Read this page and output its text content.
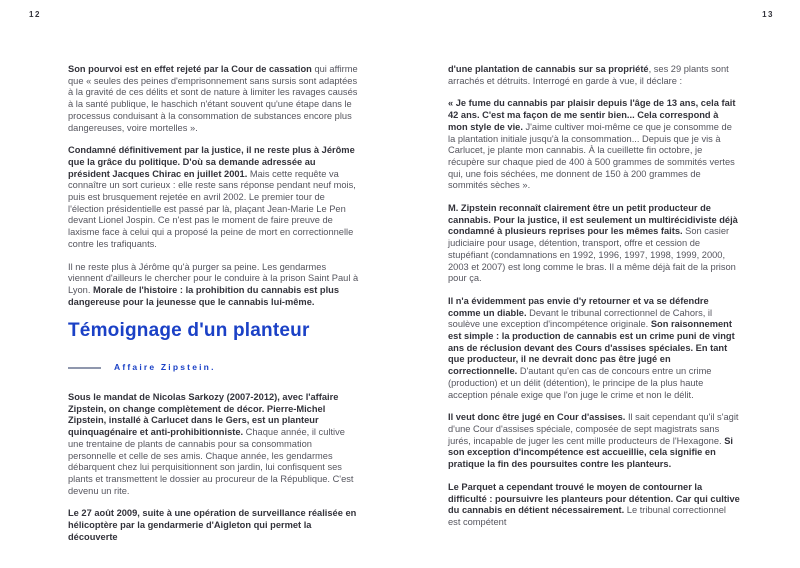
12	13

Son pourvoi est en effet rejeté par la Cour de cassation qui affirme que « seules des peines d'emprisonnement sans sursis sont adaptées à la gravité de ces délits et sont de nature à limiter les ravages causés à la santé publique, le haschich n'étant souvent qu'une étape dans le processus conduisant à la consommation de substances encore plus dangereuses, voire mortelles ».

Condamné définitivement par la justice, il ne reste plus à Jérôme que la grâce du politique. D'où sa demande adressée au président Jacques Chirac en juillet 2001. Mais cette requête va connaître un sort curieux : elle reste sans réponse pendant neuf mois, puis est brusquement rejetée en avril 2002. Le premier tour de l'élection présidentielle est passé par là, plaçant Jean-Marie Le Pen devant Lionel Jospin. Ce n'est pas le moment de faire preuve de laxisme face à celui qui a proposé la peine de mort en correctionnelle contre les trafiquants.

Il ne reste plus à Jérôme qu'à purger sa peine. Les gendarmes viennent d'ailleurs le chercher pour le conduire à la prison Saint Paul à Lyon. Morale de l'histoire : la prohibition du cannabis est plus dangereuse pour la jeunesse que le cannabis lui-même.

Témoignage d'un planteur
Affaire Zipstein.

Sous le mandat de Nicolas Sarkozy (2007-2012), avec l'affaire Zipstein, on change complètement de décor. Pierre-Michel Zipstein, installé à Carlucet dans le Gers, est un planteur quinquagénaire et anti-prohibitionniste. Chaque année, il cultive une trentaine de plants de cannabis pour sa consommation personnelle et celle de ses amis. Chaque année, les gendarmes débarquent chez lui perquisitionnent son jardin, lui confisquent ses plants et transmettent le dossier au procureur de la République. C'est devenu un rite.

Le 27 août 2009, suite à une opération de surveillance réalisée en hélicoptère par la gendarmerie d'Aigleton qui permet la découverte

d'une plantation de cannabis sur sa propriété, ses 29 plants sont arrachés et détruits. Interrogé en garde à vue, il déclare :

« Je fume du cannabis par plaisir depuis l'âge de 13 ans, cela fait 42 ans. C'est ma façon de me sentir bien... Cela correspond à mon style de vie. J'aime cultiver moi-même ce que je consomme de la plantation initiale jusqu'à la consommation... Depuis que je vis à Carlucet, je plante mon cannabis. À la cueillette fin octobre, je récupère sur chaque pied de 400 à 500 grammes de sommités vertes qui, une fois séchées, me donnent de 150 à 200 grammes de sommités sèches ».

M. Zipstein reconnaît clairement être un petit producteur de cannabis. Pour la justice, il est seulement un multirécidiviste déjà condamné à plusieurs reprises pour les mêmes faits. Son casier judiciaire pour usage, détention, transport, offre et cession de stupéfiant (condamnations en 1992, 1996, 1997, 1998, 1999, 2000, 2003 et 2007) est long comme le bras. Il a même déjà fait de la prison pour ça.

Il n'a évidemment pas envie d'y retourner et va se défendre comme un diable. Devant le tribunal correctionnel de Cahors, il soulève une exception d'incompétence originale. Son raisonnement est simple : la production de cannabis est un crime puni de vingt ans de réclusion devant des Cours d'assises spéciales. En tant que producteur, il ne devrait donc pas être jugé en correctionnelle. D'autant qu'en cas de concours entre un crime (production) et un délit (détention), le principe de la plus haute acception pénale exige que l'on juge le crime et non le délit.

Il veut donc être jugé en Cour d'assises. Il sait cependant qu'il s'agit d'une Cour d'assises spéciale, composée de sept magistrats sans jurés, incapable de juger les cent mille producteurs de l'Hexagone. Si son exception d'incompétence est accueillie, cela signifie en pratique la fin des poursuites contre les planteurs.

Le Parquet a cependant trouvé le moyen de contourner la difficulté : poursuivre les planteurs pour détention. Car qui cultive du cannabis en détient nécessairement. Le tribunal correctionnel est compétent
